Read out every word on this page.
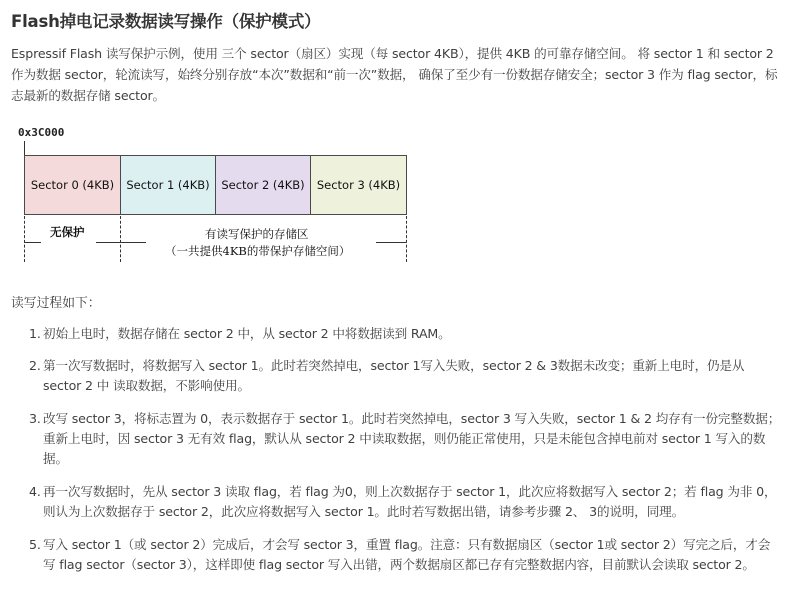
Flash掉电记录数据读写操作（保护模式）
Espressif Flash 读写保护示例，使用 三个 sector（扇区）实现（每 sector 4KB），提供 4KB 的可靠存储空间。 将 sector 1 和 sector 2 作为数据 sector，轮流读写，始终分别存放“本次”数据和“前一次”数据， 确保了至少有一份数据存储安全；sector 3 作为 flag sector，标志最新的数据存储 sector。
0x3C000
Sector 0 (4KB) Sector 1 (4KB) Sector 2 (4KB) Sector 3 (4KB)
无保护	有读写保护的存储区
（一共提供4KB的带保护存储空间）
读写过程如下：
1. 初始上电时，数据存储在 sector 2 中，从 sector 2 中将数据读到 RAM。
2. 第一次写数据时，将数据写入 sector 1。此时若突然掉电，sector 1写入失败，sector 2 & 3数据未改变；重新上电时，仍是从 sector 2 中 读取数据，不影响使用。
3. 改写 sector 3，将标志置为 0，表示数据存于 sector 1。此时若突然掉电，sector 3 写入失败，sector 1 & 2 均存有一份完整数据；重新上电时，因 sector 3 无有效 flag，默认从 sector 2 中读取数据，则仍能正常使用，只是未能包含掉电前对 sector 1 写入的数据。
4. 再一次写数据时，先从 sector 3 读取 flag，若 flag 为0，则上次数据存于 sector 1，此次应将数据写入 sector 2；若 flag 为非 0，则认为上次数据存于 sector 2，此次应将数据写入 sector 1。此时若写数据出错，请参考步骤 2、 3的说明，同理。
5. 写入 sector 1（或 sector 2）完成后，才会写 sector 3，重置 flag。注意：只有数据扇区（sector 1或 sector 2）写完之后，才会写 flag sector（sector 3），这样即使 flag sector 写入出错，两个数据扇区都已存有完整数据内容，目前默认会读取 sector 2。
